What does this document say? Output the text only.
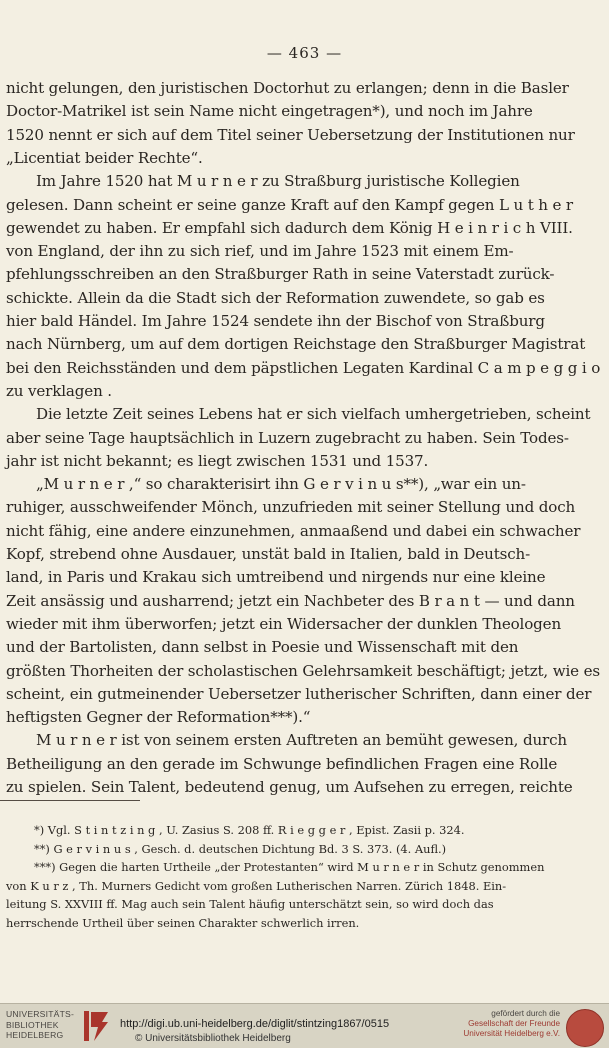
— 463 —
nicht gelungen, den juristischen Doctorhut zu erlangen; denn in die Basler
Doctor-Matrikel ist sein Name nicht eingetragen*), und noch im Jahre
1520 nennt er sich auf dem Titel seiner Uebersetzung der Institutionen nur
„Licentiat beider Rechte“.
Im Jahre 1520 hat M u r n e r zu Straßburg juristische Kollegien
gelesen. Dann scheint er seine ganze Kraft auf den Kampf gegen L u t h e r
gewendet zu haben. Er empfahl sich dadurch dem König H e i n r i c h VIII.
von England, der ihn zu sich rief, und im Jahre 1523 mit einem Em-
pfehlungsschreiben an den Straßburger Rath in seine Vaterstadt zurück-
schickte. Allein da die Stadt sich der Reformation zuwendete, so gab es
hier bald Händel. Im Jahre 1524 sendete ihn der Bischof von Straßburg
nach Nürnberg, um auf dem dortigen Reichstage den Straßburger Magistrat
bei den Reichsständen und dem päpstlichen Legaten Kardinal C a m p e g g i o
zu verklagen .
Die letzte Zeit seines Lebens hat er sich vielfach umhergetrieben, scheint
aber seine Tage hauptsächlich in Luzern zugebracht zu haben. Sein Todes-
jahr ist nicht bekannt; es liegt zwischen 1531 und 1537.
„M u r n e r ,“ so charakterisirt ihn G e r v i n u s**), „war ein un-
ruhiger, ausschweifender Mönch, unzufrieden mit seiner Stellung und doch
nicht fähig, eine andere einzunehmen, anmaaßend und dabei ein schwacher
Kopf, strebend ohne Ausdauer, unstät bald in Italien, bald in Deutsch-
land, in Paris und Krakau sich umtreibend und nirgends nur eine kleine
Zeit ansässig und ausharrend; jetzt ein Nachbeter des B r a n t — und dann
wieder mit ihm überworfen; jetzt ein Widersacher der dunklen Theologen
und der Bartolisten, dann selbst in Poesie und Wissenschaft mit den
größten Thorheiten der scholastischen Gelehrsamkeit beschäftigt; jetzt, wie es
scheint, ein gutmeinender Uebersetzer lutherischer Schriften, dann einer der
heftigsten Gegner der Reformation***).“
M u r n e r ist von seinem ersten Auftreten an bemüht gewesen, durch
Betheiligung an den gerade im Schwunge befindlichen Fragen eine Rolle
zu spielen. Sein Talent, bedeutend genug, um Aufsehen zu erregen, reichte
*) Vgl. S t i n t z i n g , U. Zasius S. 208 ff. R i e g g e r , Epist. Zasii p. 324.
**) G e r v i n u s , Gesch. d. deutschen Dichtung Bd. 3 S. 373. (4. Aufl.)
***) Gegen die harten Urtheile „der Protestanten“ wird M u r n e r in Schutz genommen
von K u r z , Th. Murners Gedicht vom großen Lutherischen Narren. Zürich 1848. Ein-
leitung S. XXVIII ff. Mag auch sein Talent häufig unterschätzt sein, so wird doch das
herrschende Urtheil über seinen Charakter schwerlich irren.
UNIVERSITÄTS-
BIBLIOTHEK
HEIDELBERG
http://digi.ub.uni-heidelberg.de/diglit/stintzing1867/0515
© Universitätsbibliothek Heidelberg
gefördert durch die
Gesellschaft der Freunde
Universität Heidelberg e.V.
